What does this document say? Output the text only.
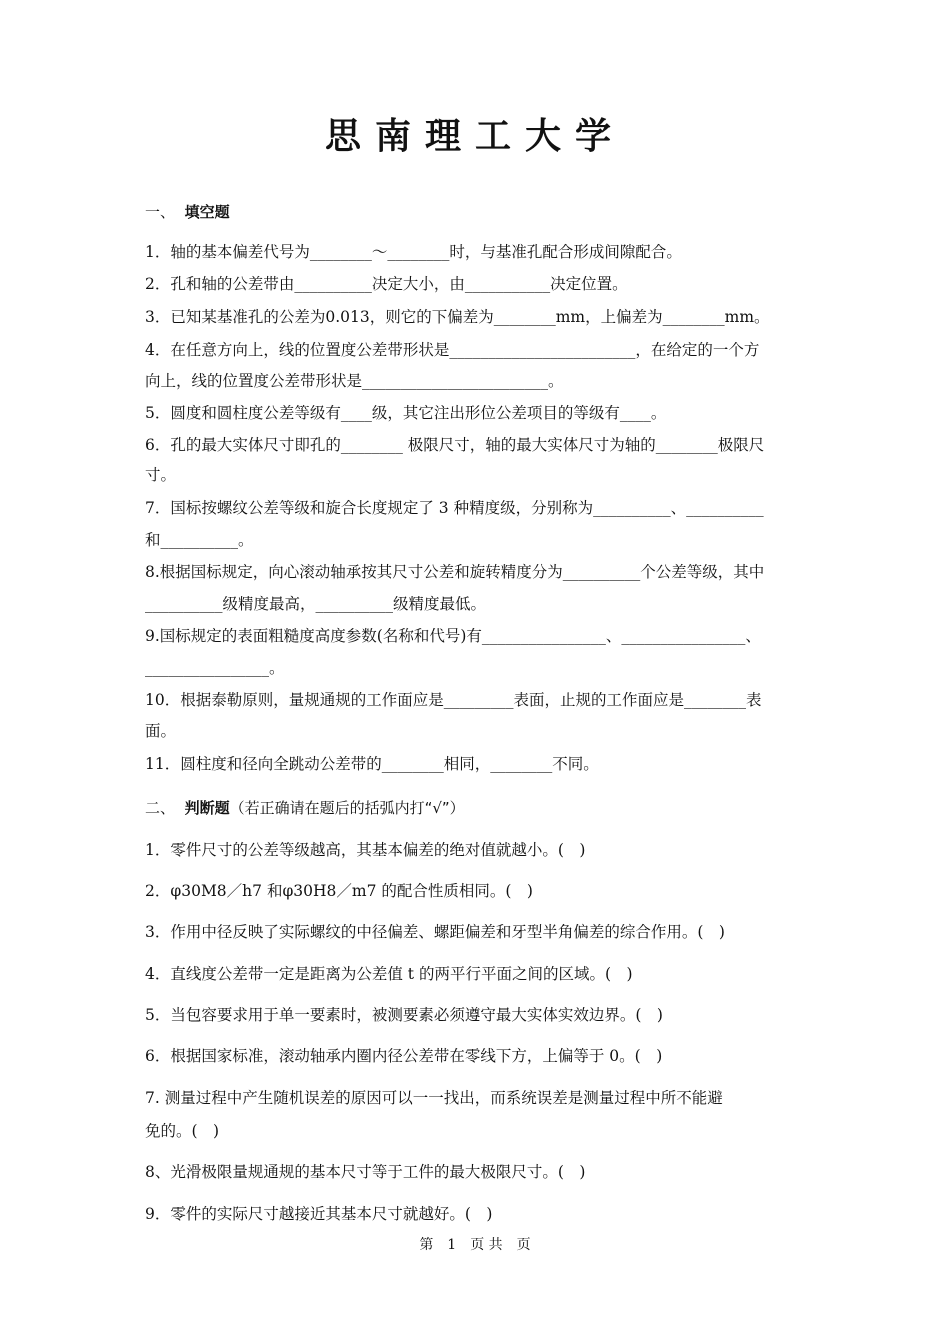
思南理工大学
一、 填空题
1．轴的基本偏差代号为________～________时，与基准孔配合形成间隙配合。
2．孔和轴的公差带由__________决定大小，由___________决定位置。
3．已知某基准孔的公差为0.013，则它的下偏差为________mm，上偏差为________mm。
4．在任意方向上，线的位置度公差带形状是________________________，在给定的一个方
向上，线的位置度公差带形状是________________________。
5．圆度和圆柱度公差等级有____级，其它注出形位公差项目的等级有____。
6．孔的最大实体尺寸即孔的________ 极限尺寸，轴的最大实体尺寸为轴的________极限尺
寸。
7．国标按螺纹公差等级和旋合长度规定了 3 种精度级，分别称为__________、__________
和__________。
8.根据国标规定，向心滚动轴承按其尺寸公差和旋转精度分为__________个公差等级，其中
__________级精度最高，__________级精度最低。
9.国标规定的表面粗糙度高度参数(名称和代号)有________________、________________、
________________。
10．根据泰勒原则，量规通规的工作面应是_________表面，止规的工作面应是________表
面。
11．圆柱度和径向全跳动公差带的________相同，________不同。
二、 判断题（若正确请在题后的括弧内打“√”）
1．零件尺寸的公差等级越高，其基本偏差的绝对值就越小。(　)
2．φ30M8／h7 和φ30H8／m7 的配合性质相同。(　)
3．作用中径反映了实际螺纹的中径偏差、螺距偏差和牙型半角偏差的综合作用。(　)
4．直线度公差带一定是距离为公差值 t 的两平行平面之间的区域。(　)
5．当包容要求用于单一要素时，被测要素必须遵守最大实体实效边界。(　)
6．根据国家标准，滚动轴承内圈内径公差带在零线下方，上偏等于 0。(　)
7. 测量过程中产生随机误差的原因可以一一找出，而系统误差是测量过程中所不能避
免的。(　)
8、光滑极限量规通规的基本尺寸等于工件的最大极限尺寸。(　)
9．零件的实际尺寸越接近其基本尺寸就越好。(　)
第　1　页 共　页
